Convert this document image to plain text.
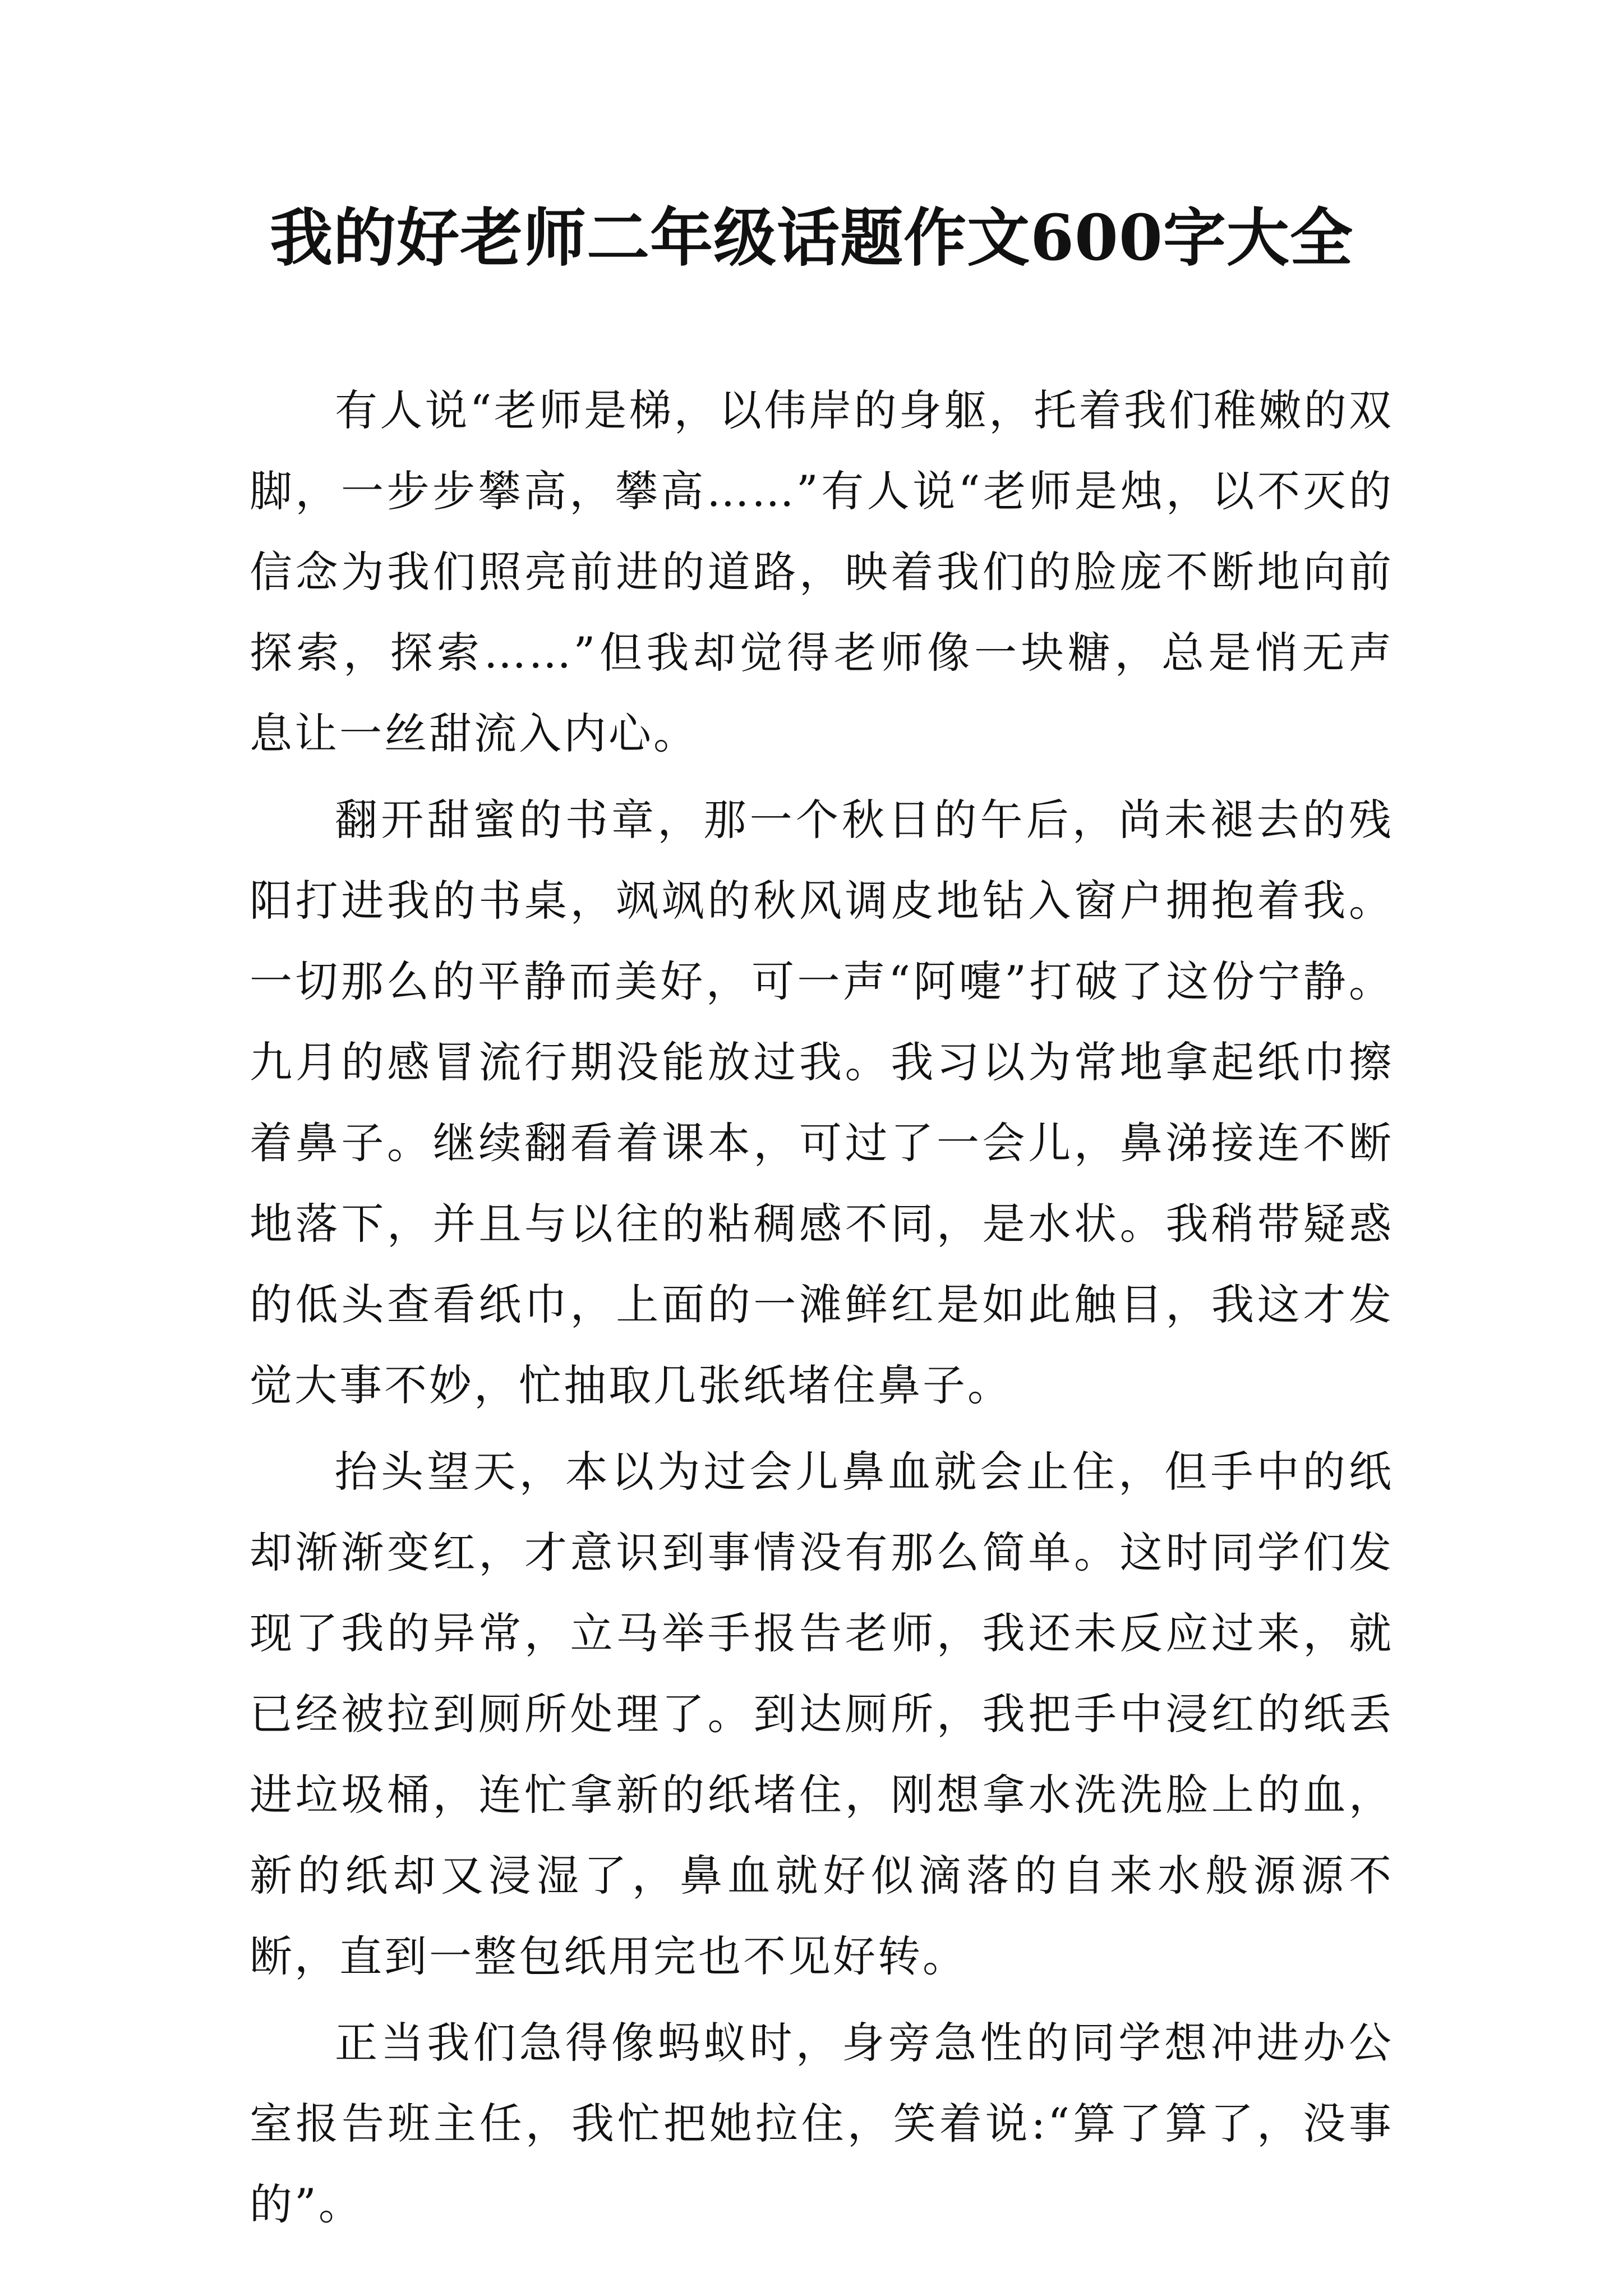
我的好老师二年级话题作文600字大全

有人说“老师是梯，以伟岸的身躯，托着我们稚嫩的双脚，一步步攀高，攀高……”有人说“老师是烛，以不灭的信念为我们照亮前进的道路，映着我们的脸庞不断地向前探索，探索……”但我却觉得老师像一块糖，总是悄无声息让一丝甜流入内心。

翻开甜蜜的书章，那一个秋日的午后，尚未褪去的残阳打进我的书桌，飒飒的秋风调皮地钻入窗户拥抱着我。一切那么的平静而美好，可一声“阿嚏”打破了这份宁静。九月的感冒流行期没能放过我。我习以为常地拿起纸巾擦着鼻子。继续翻看着课本，可过了一会儿，鼻涕接连不断地落下，并且与以往的粘稠感不同，是水状。我稍带疑惑的低头查看纸巾，上面的一滩鲜红是如此触目，我这才发觉大事不妙，忙抽取几张纸堵住鼻子。

抬头望天，本以为过会儿鼻血就会止住，但手中的纸却渐渐变红，才意识到事情没有那么简单。这时同学们发现了我的异常，立马举手报告老师，我还未反应过来，就已经被拉到厕所处理了。到达厕所，我把手中浸红的纸丢进垃圾桶，连忙拿新的纸堵住，刚想拿水洗洗脸上的血，新的纸却又浸湿了，鼻血就好似滴落的自来水般源源不断，直到一整包纸用完也不见好转。

正当我们急得像蚂蚁时，身旁急性的同学想冲进办公室报告班主任，我忙把她拉住，笑着说:“算了算了，没事的”。
